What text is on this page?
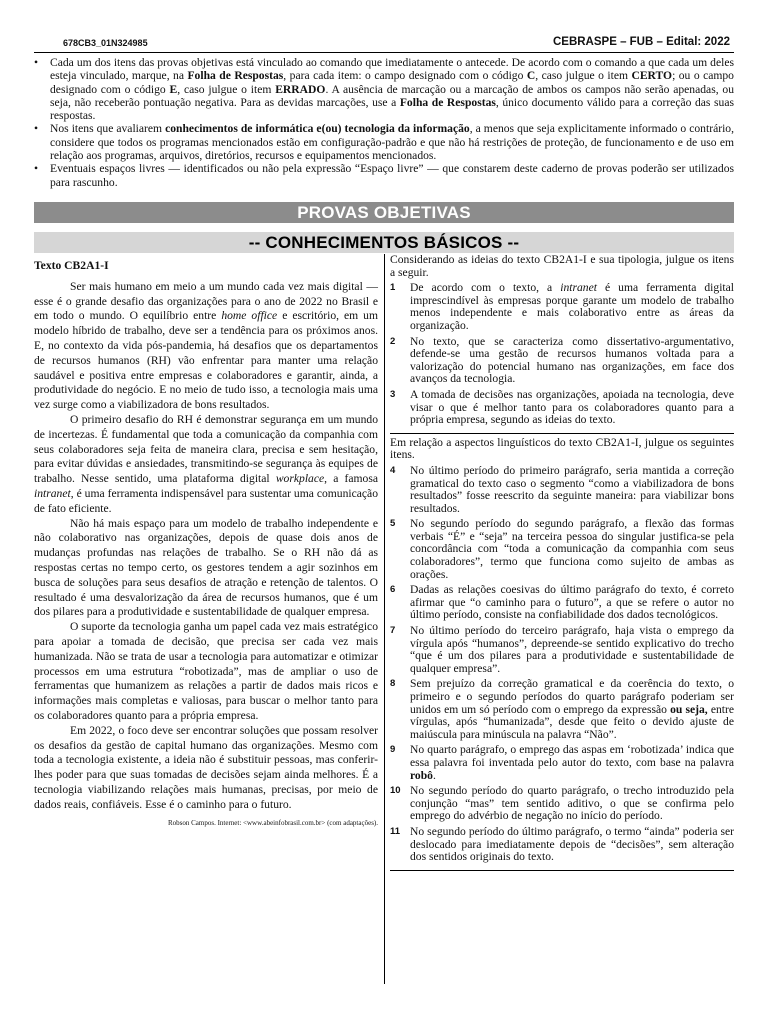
678CB3_01N324985	CEBRASPE – FUB – Edital: 2022
•	Cada um dos itens das provas objetivas está vinculado ao comando que imediatamente o antecede. De acordo com o comando a que cada um deles esteja vinculado, marque, na Folha de Respostas, para cada item: o campo designado com o código C, caso julgue o item CERTO; ou o campo designado com o código E, caso julgue o item ERRADO. A ausência de marcação ou a marcação de ambos os campos não serão apenadas, ou seja, não receberão pontuação negativa. Para as devidas marcações, use a Folha de Respostas, único documento válido para a correção das suas respostas.
•	Nos itens que avaliarem conhecimentos de informática e(ou) tecnologia da informação, a menos que seja explicitamente informado o contrário, considere que todos os programas mencionados estão em configuração-padrão e que não há restrições de proteção, de funcionamento e de uso em relação aos programas, arquivos, diretórios, recursos e equipamentos mencionados.
•	Eventuais espaços livres — identificados ou não pela expressão “Espaço livre” — que constarem deste caderno de provas poderão ser utilizados para rascunho.
PROVAS OBJETIVAS
-- CONHECIMENTOS BÁSICOS --
Texto CB2A1-I

Ser mais humano em meio a um mundo cada vez mais digital — esse é o grande desafio das organizações para o ano de 2022 no Brasil e em todo o mundo. O equilíbrio entre home office e escritório, em um modelo híbrido de trabalho, deve ser a tendência para os próximos anos. E, no contexto da vida pós-pandemia, há desafios que os departamentos de recursos humanos (RH) vão enfrentar para manter uma relação saudável e positiva entre empresas e colaboradores e garantir, ainda, a produtividade do negócio. E no meio de tudo isso, a tecnologia mais uma vez surge como a viabilizadora de bons resultados.

O primeiro desafio do RH é demonstrar segurança em um mundo de incertezas. É fundamental que toda a comunicação da companhia com seus colaboradores seja feita de maneira clara, precisa e sem hesitação, para evitar dúvidas e ansiedades, transmitindo-se segurança às equipes de trabalho. Nesse sentido, uma plataforma digital workplace, a famosa intranet, é uma ferramenta indispensável para sustentar uma comunicação de fato eficiente.

Não há mais espaço para um modelo de trabalho independente e não colaborativo nas organizações, depois de quase dois anos de mudanças profundas nas relações de trabalho. Se o RH não dá as respostas certas no tempo certo, os gestores tendem a agir sozinhos em busca de soluções para seus desafios de atração e retenção de talentos. O resultado é uma desvalorização da área de recursos humanos, que é um dos pilares para a produtividade e sustentabilidade de qualquer empresa.

O suporte da tecnologia ganha um papel cada vez mais estratégico para apoiar a tomada de decisão, que precisa ser cada vez mais humanizada. Não se trata de usar a tecnologia para automatizar e otimizar processos em uma estrutura “robotizada”, mas de ampliar o uso de ferramentas que humanizem as relações a partir de dados mais ricos e informações mais completas e valiosas, para buscar o melhor tanto para os colaboradores quanto para a própria empresa.

Em 2022, o foco deve ser encontrar soluções que possam resolver os desafios da gestão de capital humano das organizações. Mesmo com toda a tecnologia existente, a ideia não é substituir pessoas, mas conferir-lhes poder para que suas tomadas de decisões sejam ainda melhores. É a tecnologia viabilizando relações mais humanas, precisas, por meio de dados reais, confiáveis. Esse é o caminho para o futuro.

Robson Campos. Internet: <www.abeinfobrasil.com.br> (com adaptações).

Considerando as ideias do texto CB2A1-I e sua tipologia, julgue os itens a seguir.

1	De acordo com o texto, a intranet é uma ferramenta digital imprescindível às empresas porque garante um modelo de trabalho menos independente e mais colaborativo entre as áreas da organização.
2	No texto, que se caracteriza como dissertativo-argumentativo, defende-se uma gestão de recursos humanos voltada para a valorização do potencial humano nas organizações, em face dos avanços da tecnologia.
3	A tomada de decisões nas organizações, apoiada na tecnologia, deve visar o que é melhor tanto para os colaboradores quanto para a própria empresa, segundo as ideias do texto.

Em relação a aspectos linguísticos do texto CB2A1-I, julgue os seguintes itens.

4	No último período do primeiro parágrafo, seria mantida a correção gramatical do texto caso o segmento “como a viabilizadora de bons resultados” fosse reescrito da seguinte maneira: para viabilizar bons resultados.
5	No segundo período do segundo parágrafo, a flexão das formas verbais “É” e “seja” na terceira pessoa do singular justifica-se pela concordância com “toda a comunicação da companhia com seus colaboradores”, termo que funciona como sujeito de ambas as orações.
6	Dadas as relações coesivas do último parágrafo do texto, é correto afirmar que “o caminho para o futuro”, a que se refere o autor no último período, consiste na confiabilidade dos dados tecnológicos.
7	No último período do terceiro parágrafo, haja vista o emprego da vírgula após “humanos”, depreende-se sentido explicativo do trecho “que é um dos pilares para a produtividade e sustentabilidade de qualquer empresa”.
8	Sem prejuízo da correção gramatical e da coerência do texto, o primeiro e o segundo períodos do quarto parágrafo poderiam ser unidos em um só período com o emprego da expressão ou seja, entre vírgulas, após “humanizada”, desde que feito o devido ajuste de maiúscula para minúscula na palavra “Não”.
9	No quarto parágrafo, o emprego das aspas em ‘robotizada’ indica que essa palavra foi inventada pelo autor do texto, com base na palavra robô.
10 No segundo período do quarto parágrafo, o trecho introduzido pela conjunção “mas” tem sentido aditivo, o que se confirma pelo emprego do advérbio de negação no início do período.
11 No segundo período do último parágrafo, o termo “ainda” poderia ser deslocado para imediatamente depois de “decisões”, sem alteração dos sentidos originais do texto.
